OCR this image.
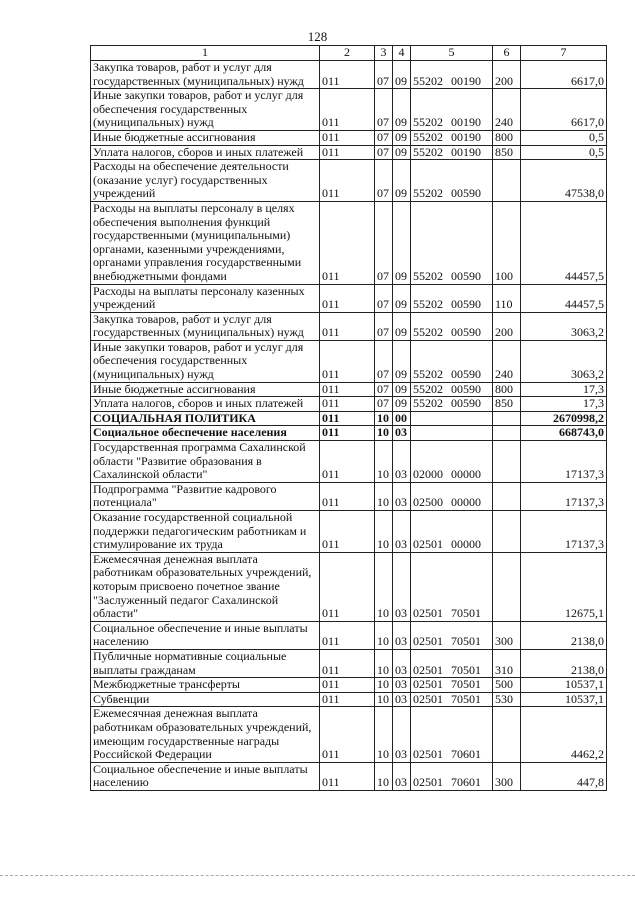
128
1	2	3	4	5	6	7
Закупка товаров, работ и услуг для государственных (муниципальных) нужд	011	07	09	55202 00190	200	6617,0
Иные закупки товаров, работ и услуг для обеспечения государственных (муниципальных) нужд	011	07	09	55202 00190	240	6617,0
Иные бюджетные ассигнования	011	07	09	55202 00190	800	0,5
Уплата налогов, сборов и иных платежей	011	07	09	55202 00190	850	0,5
Расходы на обеспечение деятельности (оказание услуг) государственных учреждений	011	07	09	55202 00590		47538,0
Расходы на выплаты персоналу в целях обеспечения выполнения функций государственными (муниципальными) органами, казенными учреждениями, органами управления государственными внебюджетными фондами	011	07	09	55202 00590	100	44457,5
Расходы на выплаты персоналу казенных учреждений	011	07	09	55202 00590	110	44457,5
Закупка товаров, работ и услуг для государственных (муниципальных) нужд	011	07	09	55202 00590	200	3063,2
Иные закупки товаров, работ и услуг для обеспечения государственных (муниципальных) нужд	011	07	09	55202 00590	240	3063,2
Иные бюджетные ассигнования	011	07	09	55202 00590	800	17,3
Уплата налогов, сборов и иных платежей	011	07	09	55202 00590	850	17,3
СОЦИАЛЬНАЯ ПОЛИТИКА	011	10	00			2670998,2
Социальное обеспечение населения	011	10	03			668743,0
Государственная программа Сахалинской области "Развитие образования в Сахалинской области"	011	10	03	02000 00000		17137,3
Подпрограмма "Развитие кадрового потенциала"	011	10	03	02500 00000		17137,3
Оказание государственной социальной поддержки педагогическим работникам и стимулирование их труда	011	10	03	02501 00000		17137,3
Ежемесячная денежная выплата работникам образовательных учреждений, которым присвоено почетное звание "Заслуженный педагог Сахалинской области"	011	10	03	02501 70501		12675,1
Социальное обеспечение и иные выплаты населению	011	10	03	02501 70501	300	2138,0
Публичные нормативные социальные выплаты гражданам	011	10	03	02501 70501	310	2138,0
Межбюджетные трансферты	011	10	03	02501 70501	500	10537,1
Субвенции	011	10	03	02501 70501	530	10537,1
Ежемесячная денежная выплата работникам образовательных учреждений, имеющим государственные награды Российской Федерации	011	10	03	02501 70601		4462,2
Социальное обеспечение и иные выплаты населению	011	10	03	02501 70601	300	447,8
